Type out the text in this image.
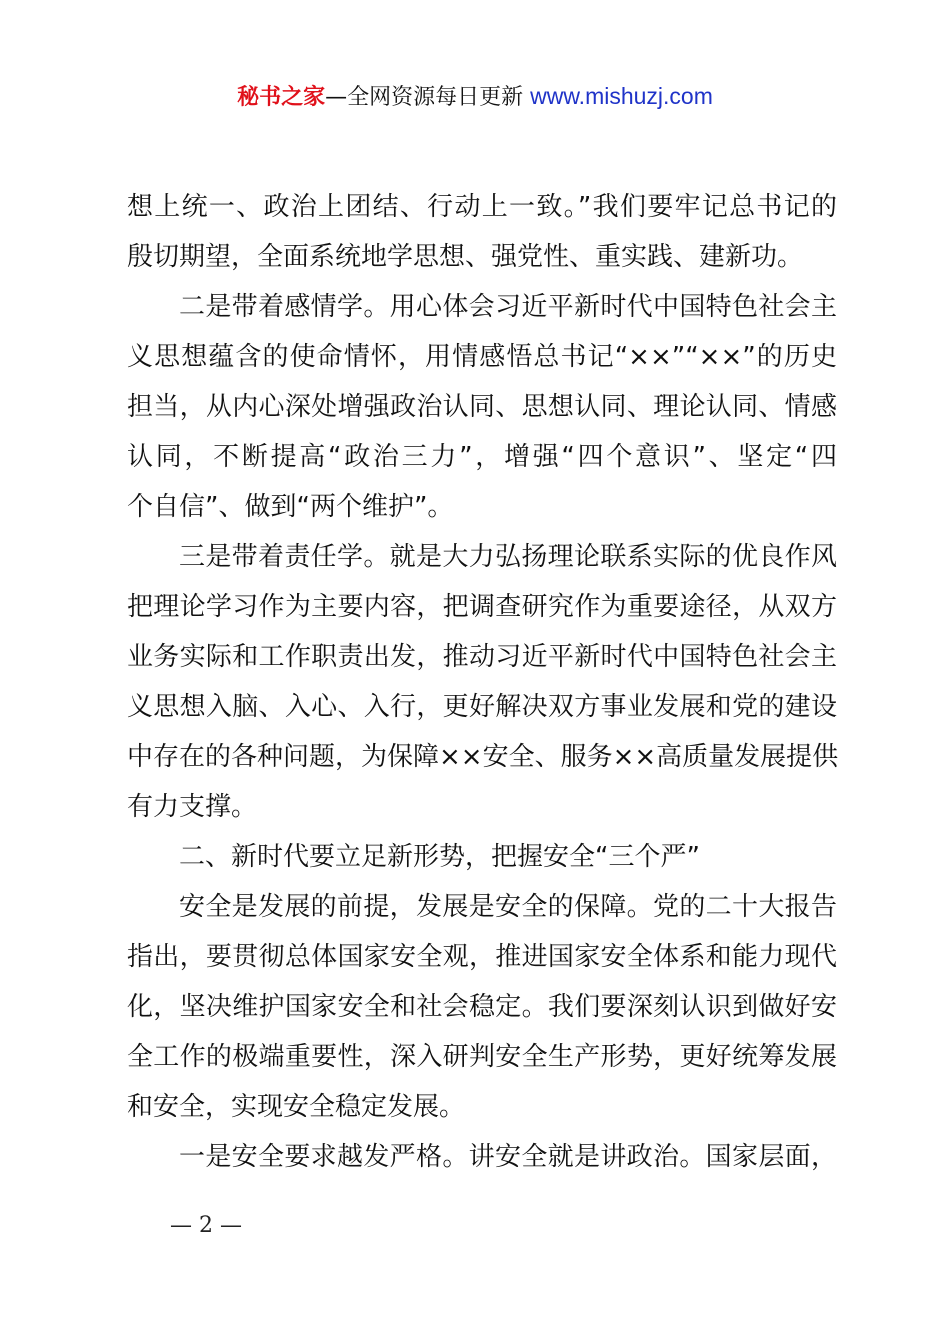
秘书之家—全网资源每日更新 www.mishuzj.com
想上统一、政治上团结、行动上一致。”我们要牢记总书记的
殷切期望，全面系统地学思想、强党性、重实践、建新功。
二是带着感情学。用心体会习近平新时代中国特色社会主
义思想蕴含的使命情怀，用情感悟总书记“××”“××”的历史
担当，从内心深处增强政治认同、思想认同、理论认同、情感
认同，不断提高“政治三力”，增强“四个意识”、坚定“四
个自信”、做到“两个维护”。
三是带着责任学。就是大力弘扬理论联系实际的优良作风
把理论学习作为主要内容，把调查研究作为重要途径，从双方
业务实际和工作职责出发，推动习近平新时代中国特色社会主
义思想入脑、入心、入行，更好解决双方事业发展和党的建设
中存在的各种问题，为保障××安全、服务××高质量发展提供
有力支撑。
二、新时代要立足新形势，把握安全“三个严”
安全是发展的前提，发展是安全的保障。党的二十大报告
指出，要贯彻总体国家安全观，推进国家安全体系和能力现代
化，坚决维护国家安全和社会稳定。我们要深刻认识到做好安
全工作的极端重要性，深入研判安全生产形势，更好统筹发展
和安全，实现安全稳定发展。
一是安全要求越发严格。讲安全就是讲政治。国家层面，
— 2 —
